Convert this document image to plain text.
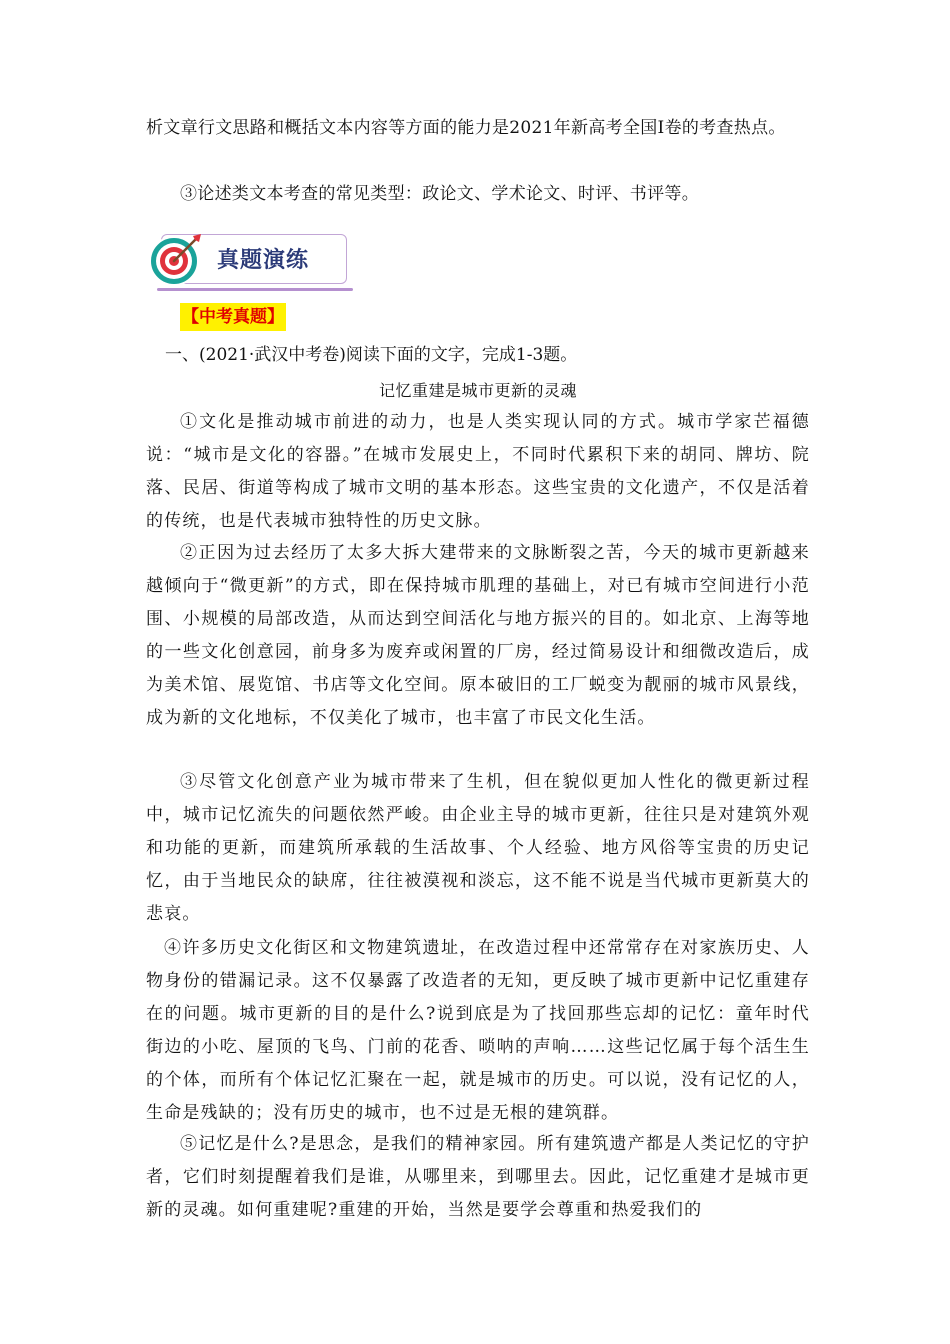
析文章行文思路和概括文本内容等方面的能力是2021年新高考全国Ⅰ卷的考查热点。
③论述类文本考查的常见类型：政论文、学术论文、时评、书评等。
真题演练
【中考真题】
一、(2021·武汉中考卷)阅读下面的文字，完成1-3题。
记忆重建是城市更新的灵魂

①文化是推动城市前进的动力，也是人类实现认同的方式。城市学家芒福德说：“城市是文化的容器。”在城市发展史上，不同时代累积下来的胡同、牌坊、院落、民居、街道等构成了城市文明的基本形态。这些宝贵的文化遗产，不仅是活着的传统，也是代表城市独特性的历史文脉。

②正因为过去经历了太多大拆大建带来的文脉断裂之苦，今天的城市更新越来越倾向于“微更新”的方式，即在保持城市肌理的基础上，对已有城市空间进行小范围、小规模的局部改造，从而达到空间活化与地方振兴的目的。如北京、上海等地的一些文化创意园，前身多为废弃或闲置的厂房，经过简易设计和细微改造后，成为美术馆、展览馆、书店等文化空间。原本破旧的工厂蜕变为靓丽的城市风景线，成为新的文化地标，不仅美化了城市，也丰富了市民文化生活。

③尽管文化创意产业为城市带来了生机，但在貌似更加人性化的微更新过程中，城市记忆流失的问题依然严峻。由企业主导的城市更新，往往只是对建筑外观和功能的更新，而建筑所承载的生活故事、个人经验、地方风俗等宝贵的历史记忆，由于当地民众的缺席，往往被漠视和淡忘，这不能不说是当代城市更新莫大的悲哀。

④许多历史文化街区和文物建筑遗址，在改造过程中还常常存在对家族历史、人物身份的错漏记录。这不仅暴露了改造者的无知，更反映了城市更新中记忆重建存在的问题。城市更新的目的是什么?说到底是为了找回那些忘却的记忆：童年时代街边的小吃、屋顶的飞鸟、门前的花香、唢呐的声响……这些记忆属于每个活生生的个体，而所有个体记忆汇聚在一起，就是城市的历史。可以说，没有记忆的人，生命是残缺的；没有历史的城市，也不过是无根的建筑群。

⑤记忆是什么?是思念，是我们的精神家园。所有建筑遗产都是人类记忆的守护者，它们时刻提醒着我们是谁，从哪里来，到哪里去。因此，记忆重建才是城市更新的灵魂。如何重建呢?重建的开始，当然是要学会尊重和热爱我们的
